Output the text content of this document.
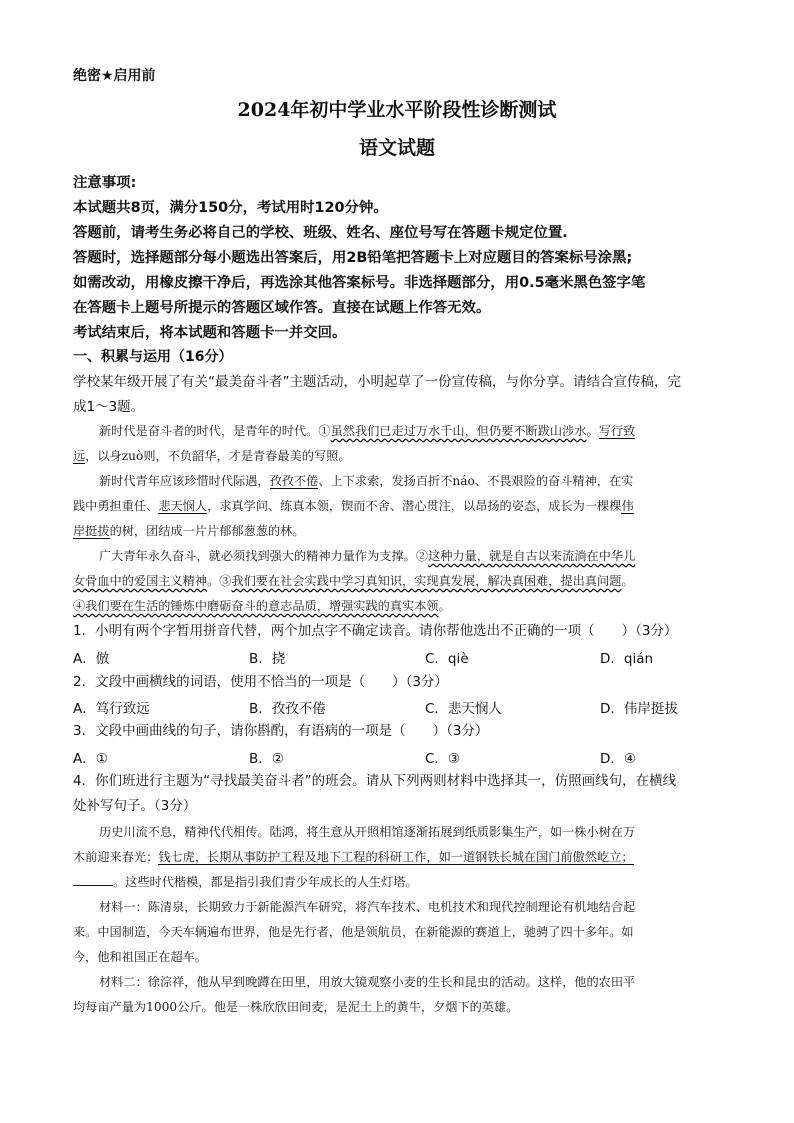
绝密★启用前
2024年初中学业水平阶段性诊断测试
语文试题
注意事项:
本试题共8页，满分150分，考试用时120分钟。
答题前，请考生务必将自己的学校、班级、姓名、座位号写在答题卡规定位置.
答题时，选择题部分每小题选出答案后，用2B铅笔把答题卡上对应题目的答案标号涂黑;
如需改动，用橡皮擦干净后，再选涂其他答案标号。非选择题部分，用0.5毫米黑色签字笔
在答题卡上题号所提示的答题区域作答。直接在试题上作答无效。
考试结束后，将本试题和答题卡一并交回。
一、积累与运用（16分）
学校某年级开展了有关“最美奋斗者”主题活动，小明起草了一份宣传稿，与你分享。请结合宣传稿，完
成1～3题。
新时代是奋斗者的时代，是青年的时代。①虽然我们已走过万水千山，但仍要不断跋山涉水。写行致
远，以身zuò则，不负韶华，才是青春最美的写照。
新时代青年应该珍惜时代际遇，孜孜不倦、上下求索，发扬百折不náo、不畏艰险的奋斗精神，在实
践中勇担重任、悲天悯人，求真学问、练真本领，锲而不舍、潜心贯注，以昂扬的姿态，成长为一棵棵伟
岸挺拔的树，团结成一片片郁郁葱葱的林。
广大青年永久奋斗，就必须找到强大的精神力量作为支撑。②这种力量，就是自古以来流淌在中华儿
女骨血中的爱国主义精神。③我们要在社会实践中学习真知识，实现真发展，解决真困难，提出真问题。
④我们要在生活的锤炼中磨砺奋斗的意志品质，增强实践的真实本领。
1．小明有两个字暂用拼音代替，两个加点字不确定读音。请你帮他选出不正确的一项（　　）（3分）
A．倣	B．挠	C．qiè	D．qián
2．文段中画横线的词语，使用不恰当的一项是（　　）（3分）
A．笃行致远	B．孜孜不倦	C．悲天悯人	D．伟岸挺拔
3．文段中画曲线的句子，请你斟酌，有语病的一项是（　　）（3分）
A．①	B．②	C．③	D．④
4．你们班进行主题为“寻找最美奋斗者”的班会。请从下列两则材料中选择其一，仿照画线句，在横线
处补写句子。（3分）
历史川流不息，精神代代相传。陆鸿，将生意从开照相馆逐渐拓展到纸质影集生产，如一株小树在万
木前迎来春光；钱七虎，长期从事防护工程及地下工程的科研工作，如一道钢铁长城在国门前傲然屹立；
。这些时代楷模，都是指引我们青少年成长的人生灯塔。
材料一：陈清泉，长期致力于新能源汽车研究，将汽车技术、电机技术和现代控制理论有机地结合起
来。中国制造，今天车辆遍布世界，他是先行者，他是领航员，在新能源的赛道上，驰骋了四十多年。如
今，他和祖国正在超车。
材料二：徐淙祥，他从早到晚蹲在田里，用放大镜观察小麦的生长和昆虫的活动。这样，他的农田平
均每亩产量为1000公斤。他是一株欣欣田间麦，是泥土上的黄牛，夕烟下的英雄。
